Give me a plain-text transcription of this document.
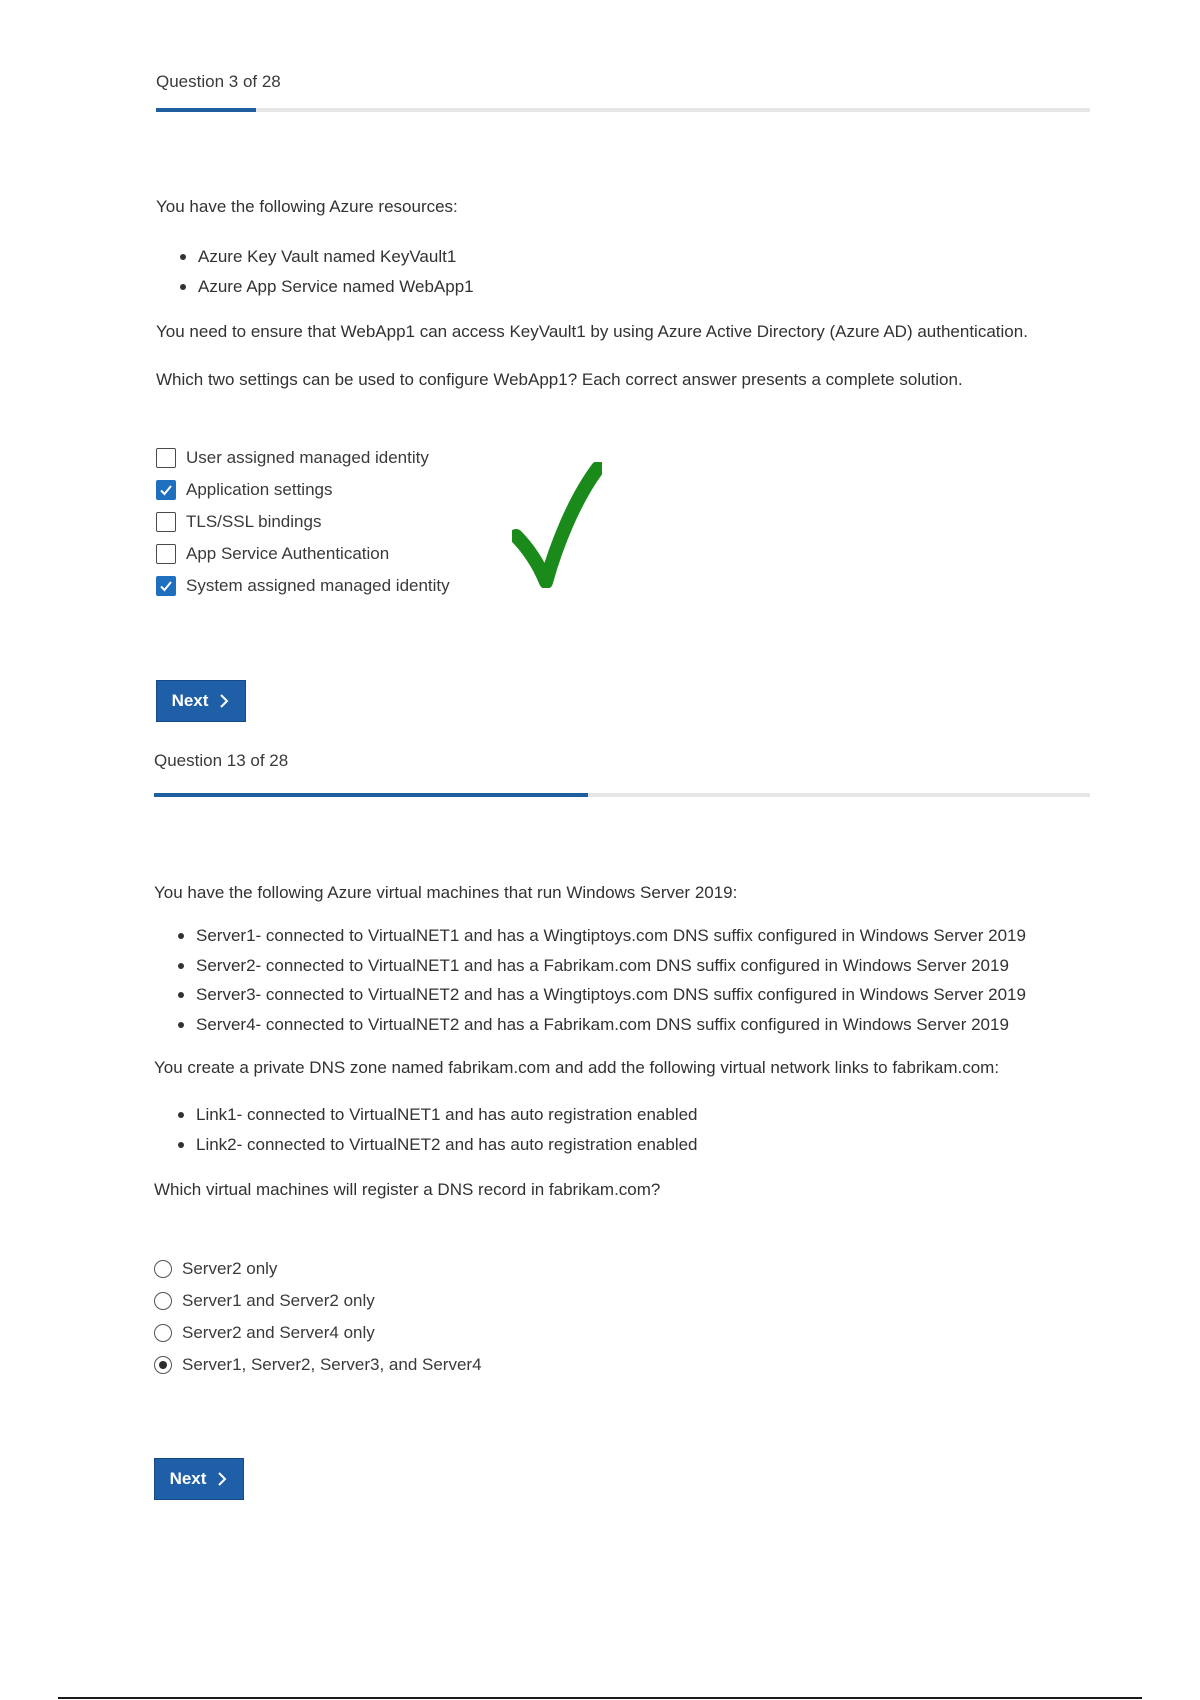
Question 3 of 28
You have the following Azure resources:
Azure Key Vault named KeyVault1
Azure App Service named WebApp1
You need to ensure that WebApp1 can access KeyVault1 by using Azure Active Directory (Azure AD) authentication.
Which two settings can be used to configure WebApp1? Each correct answer presents a complete solution.
User assigned managed identity
Application settings
TLS/SSL bindings
App Service Authentication
System assigned managed identity
Next
Question 13 of 28
You have the following Azure virtual machines that run Windows Server 2019:
Server1- connected to VirtualNET1 and has a Wingtiptoys.com DNS suffix configured in Windows Server 2019
Server2- connected to VirtualNET1 and has a Fabrikam.com DNS suffix configured in Windows Server 2019
Server3- connected to VirtualNET2 and has a Wingtiptoys.com DNS suffix configured in Windows Server 2019
Server4- connected to VirtualNET2 and has a Fabrikam.com DNS suffix configured in Windows Server 2019
You create a private DNS zone named fabrikam.com and add the following virtual network links to fabrikam.com:
Link1- connected to VirtualNET1 and has auto registration enabled
Link2- connected to VirtualNET2 and has auto registration enabled
Which virtual machines will register a DNS record in fabrikam.com?
Server2 only
Server1 and Server2 only
Server2 and Server4 only
Server1, Server2, Server3, and Server4
Next
